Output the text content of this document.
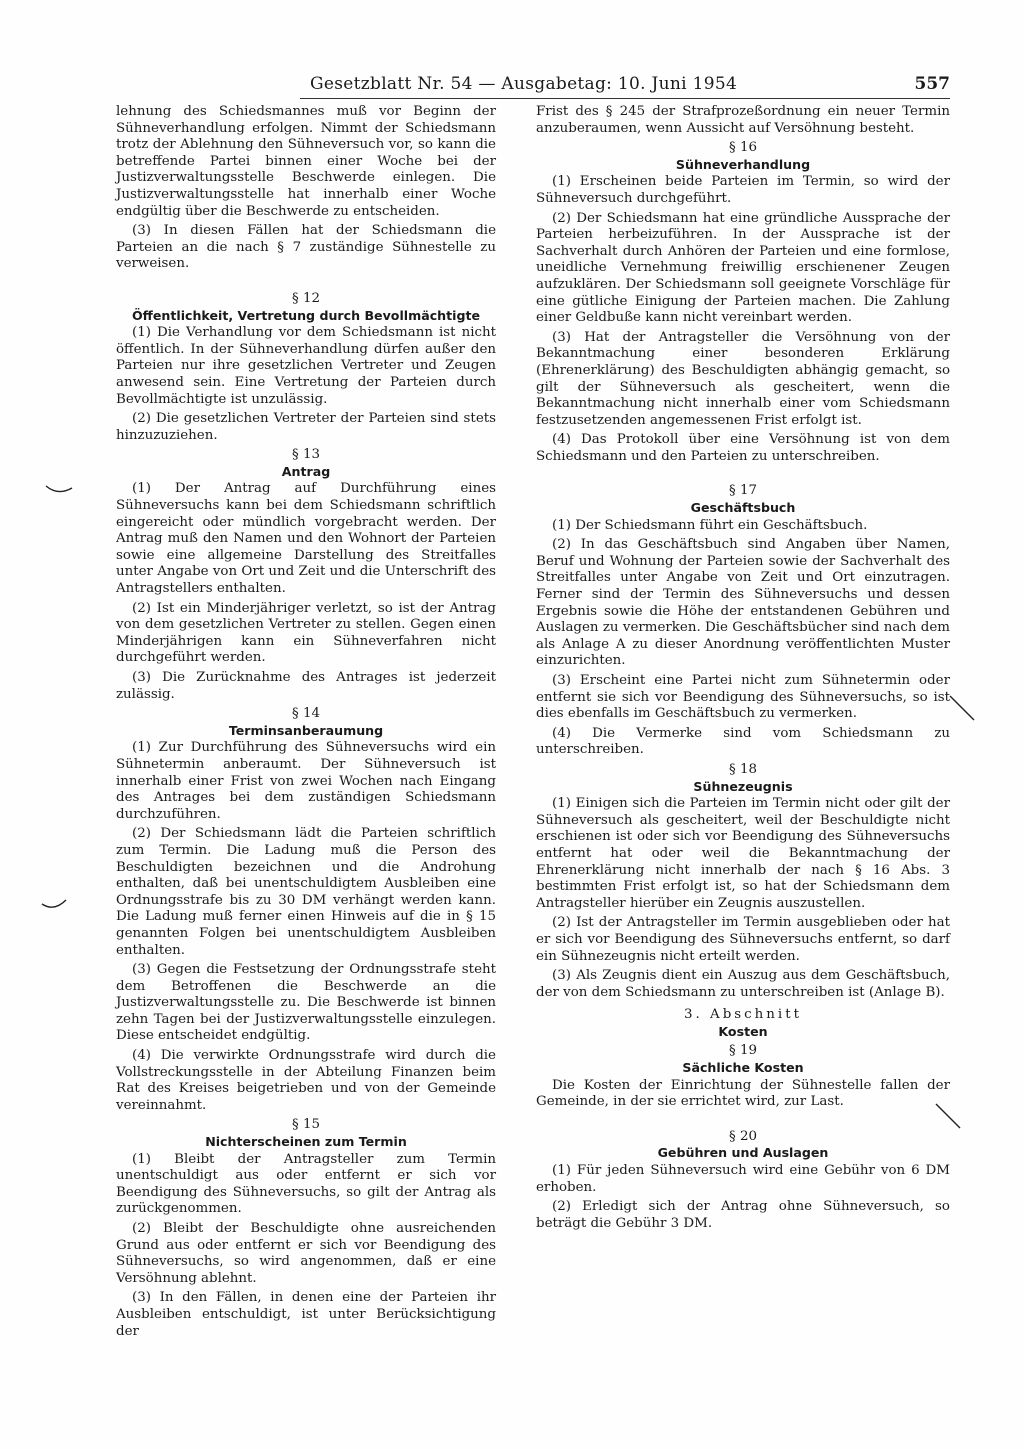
Gesetzblatt Nr. 54 — Ausgabetag: 10. Juni 1954	557

lehnung des Schiedsmannes muß vor Beginn der Sühneverhandlung erfolgen. Nimmt der Schiedsmann trotz der Ablehnung den Sühneversuch vor, so kann die betreffende Partei binnen einer Woche bei der Justizverwaltungsstelle Beschwerde einlegen. Die Justizverwaltungsstelle hat innerhalb einer Woche endgültig über die Beschwerde zu entscheiden.

(3) In diesen Fällen hat der Schiedsmann die Parteien an die nach § 7 zuständige Sühnestelle zu verweisen.

§ 12
Öffentlichkeit, Vertretung durch Bevollmächtigte

(1) Die Verhandlung vor dem Schiedsmann ist nicht öffentlich. In der Sühneverhandlung dürfen außer den Parteien nur ihre gesetzlichen Vertreter und Zeugen anwesend sein. Eine Vertretung der Parteien durch Bevollmächtigte ist unzulässig.

(2) Die gesetzlichen Vertreter der Parteien sind stets hinzuzuziehen.

§ 13
Antrag

(1) Der Antrag auf Durchführung eines Sühneversuchs kann bei dem Schiedsmann schriftlich eingereicht oder mündlich vorgebracht werden. Der Antrag muß den Namen und den Wohnort der Parteien sowie eine allgemeine Darstellung des Streitfalles unter Angabe von Ort und Zeit und die Unterschrift des Antragstellers enthalten.

(2) Ist ein Minderjähriger verletzt, so ist der Antrag von dem gesetzlichen Vertreter zu stellen. Gegen einen Minderjährigen kann ein Sühneverfahren nicht durchgeführt werden.

(3) Die Zurücknahme des Antrages ist jederzeit zulässig.

§ 14
Terminsanberaumung

(1) Zur Durchführung des Sühneversuchs wird ein Sühnetermin anberaumt. Der Sühneversuch ist innerhalb einer Frist von zwei Wochen nach Eingang des Antrages bei dem zuständigen Schiedsmann durchzuführen.

(2) Der Schiedsmann lädt die Parteien schriftlich zum Termin. Die Ladung muß die Person des Beschuldigten bezeichnen und die Androhung enthalten, daß bei unentschuldigtem Ausbleiben eine Ordnungsstrafe bis zu 30 DM verhängt werden kann. Die Ladung muß ferner einen Hinweis auf die in § 15 genannten Folgen bei unentschuldigtem Ausbleiben enthalten.

(3) Gegen die Festsetzung der Ordnungsstrafe steht dem Betroffenen die Beschwerde an die Justizverwaltungsstelle zu. Die Beschwerde ist binnen zehn Tagen bei der Justizverwaltungsstelle einzulegen. Diese entscheidet endgültig.

(4) Die verwirkte Ordnungsstrafe wird durch die Vollstreckungsstelle in der Abteilung Finanzen beim Rat des Kreises beigetrieben und von der Gemeinde vereinnahmt.

§ 15
Nichterscheinen zum Termin

(1) Bleibt der Antragsteller zum Termin unentschuldigt aus oder entfernt er sich vor Beendigung des Sühneversuchs, so gilt der Antrag als zurückgenommen.

(2) Bleibt der Beschuldigte ohne ausreichenden Grund aus oder entfernt er sich vor Beendigung des Sühneversuchs, so wird angenommen, daß er eine Versöhnung ablehnt.

(3) In den Fällen, in denen eine der Parteien ihr Ausbleiben entschuldigt, ist unter Berücksichtigung der

Frist des § 245 der Strafprozeßordnung ein neuer Termin anzuberaumen, wenn Aussicht auf Versöhnung besteht.

§ 16
Sühneverhandlung

(1) Erscheinen beide Parteien im Termin, so wird der Sühneversuch durchgeführt.

(2) Der Schiedsmann hat eine gründliche Aussprache der Parteien herbeizuführen. In der Aussprache ist der Sachverhalt durch Anhören der Parteien und eine formlose, uneidliche Vernehmung freiwillig erschienener Zeugen aufzuklären. Der Schiedsmann soll geeignete Vorschläge für eine gütliche Einigung der Parteien machen. Die Zahlung einer Geldbuße kann nicht vereinbart werden.

(3) Hat der Antragsteller die Versöhnung von der Bekanntmachung einer besonderen Erklärung (Ehrenerklärung) des Beschuldigten abhängig gemacht, so gilt der Sühneversuch als gescheitert, wenn die Bekanntmachung nicht innerhalb einer vom Schiedsmann festzusetzenden angemessenen Frist erfolgt ist.

(4) Das Protokoll über eine Versöhnung ist von dem Schiedsmann und den Parteien zu unterschreiben.

§ 17
Geschäftsbuch

(1) Der Schiedsmann führt ein Geschäftsbuch.

(2) In das Geschäftsbuch sind Angaben über Namen, Beruf und Wohnung der Parteien sowie der Sachverhalt des Streitfalles unter Angabe von Zeit und Ort einzutragen. Ferner sind der Termin des Sühneversuchs und dessen Ergebnis sowie die Höhe der entstandenen Gebühren und Auslagen zu vermerken. Die Geschäftsbücher sind nach dem als Anlage A zu dieser Anordnung veröffentlichten Muster einzurichten.

(3) Erscheint eine Partei nicht zum Sühnetermin oder entfernt sie sich vor Beendigung des Sühneversuchs, so ist dies ebenfalls im Geschäftsbuch zu vermerken.

(4) Die Vermerke sind vom Schiedsmann zu unterschreiben.

§ 18
Sühnezeugnis

(1) Einigen sich die Parteien im Termin nicht oder gilt der Sühneversuch als gescheitert, weil der Beschuldigte nicht erschienen ist oder sich vor Beendigung des Sühneversuchs entfernt hat oder weil die Bekanntmachung der Ehrenerklärung nicht innerhalb der nach § 16 Abs. 3 bestimmten Frist erfolgt ist, so hat der Schiedsmann dem Antragsteller hierüber ein Zeugnis auszustellen.

(2) Ist der Antragsteller im Termin ausgeblieben oder hat er sich vor Beendigung des Sühneversuchs entfernt, so darf ein Sühnezeugnis nicht erteilt werden.

(3) Als Zeugnis dient ein Auszug aus dem Geschäftsbuch, der von dem Schiedsmann zu unterschreiben ist (Anlage B).

3. Abschnitt
Kosten
§ 19
Sächliche Kosten

Die Kosten der Einrichtung der Sühnestelle fallen der Gemeinde, in der sie errichtet wird, zur Last.

§ 20
Gebühren und Auslagen

(1) Für jeden Sühneversuch wird eine Gebühr von 6 DM erhoben.

(2) Erledigt sich der Antrag ohne Sühneversuch, so beträgt die Gebühr 3 DM.
